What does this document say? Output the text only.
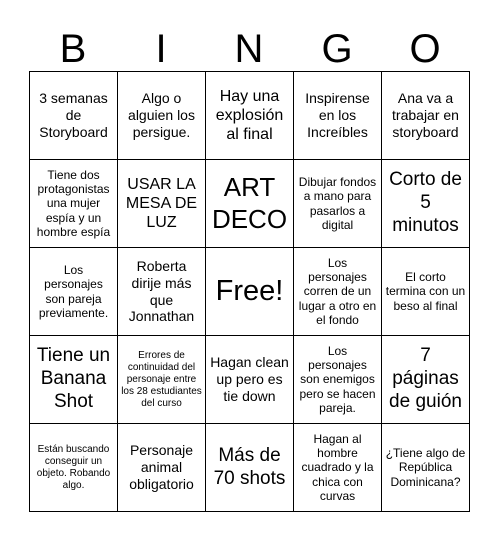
B	I	N	G	O
3 semanas de Storyboard
Algo o alguien los persigue.
Hay una explosión al final
Inspirense en los Increíbles
Ana va a trabajar en storyboard
Tiene dos protagonistas una mujer espía y un hombre espía
USAR LA MESA DE LUZ
ART DECO
Dibujar fondos a mano para pasarlos a digital
Corto de 5 minutos
Los personajes son pareja previamente.
Roberta dirije más que Jonnathan
Free!
Los personajes corren de un lugar a otro en el fondo
El corto termina con un beso al final
Tiene un Banana Shot
Errores de continuidad del personaje entre los 28 estudiantes del curso
Hagan clean up pero es tie down
Los personajes son enemigos pero se hacen pareja.
7 páginas de guión
Están buscando conseguir un objeto. Robando algo.
Personaje animal obligatorio
Más de 70 shots
Hagan al hombre cuadrado y la chica con curvas
¿Tiene algo de República Dominicana?
